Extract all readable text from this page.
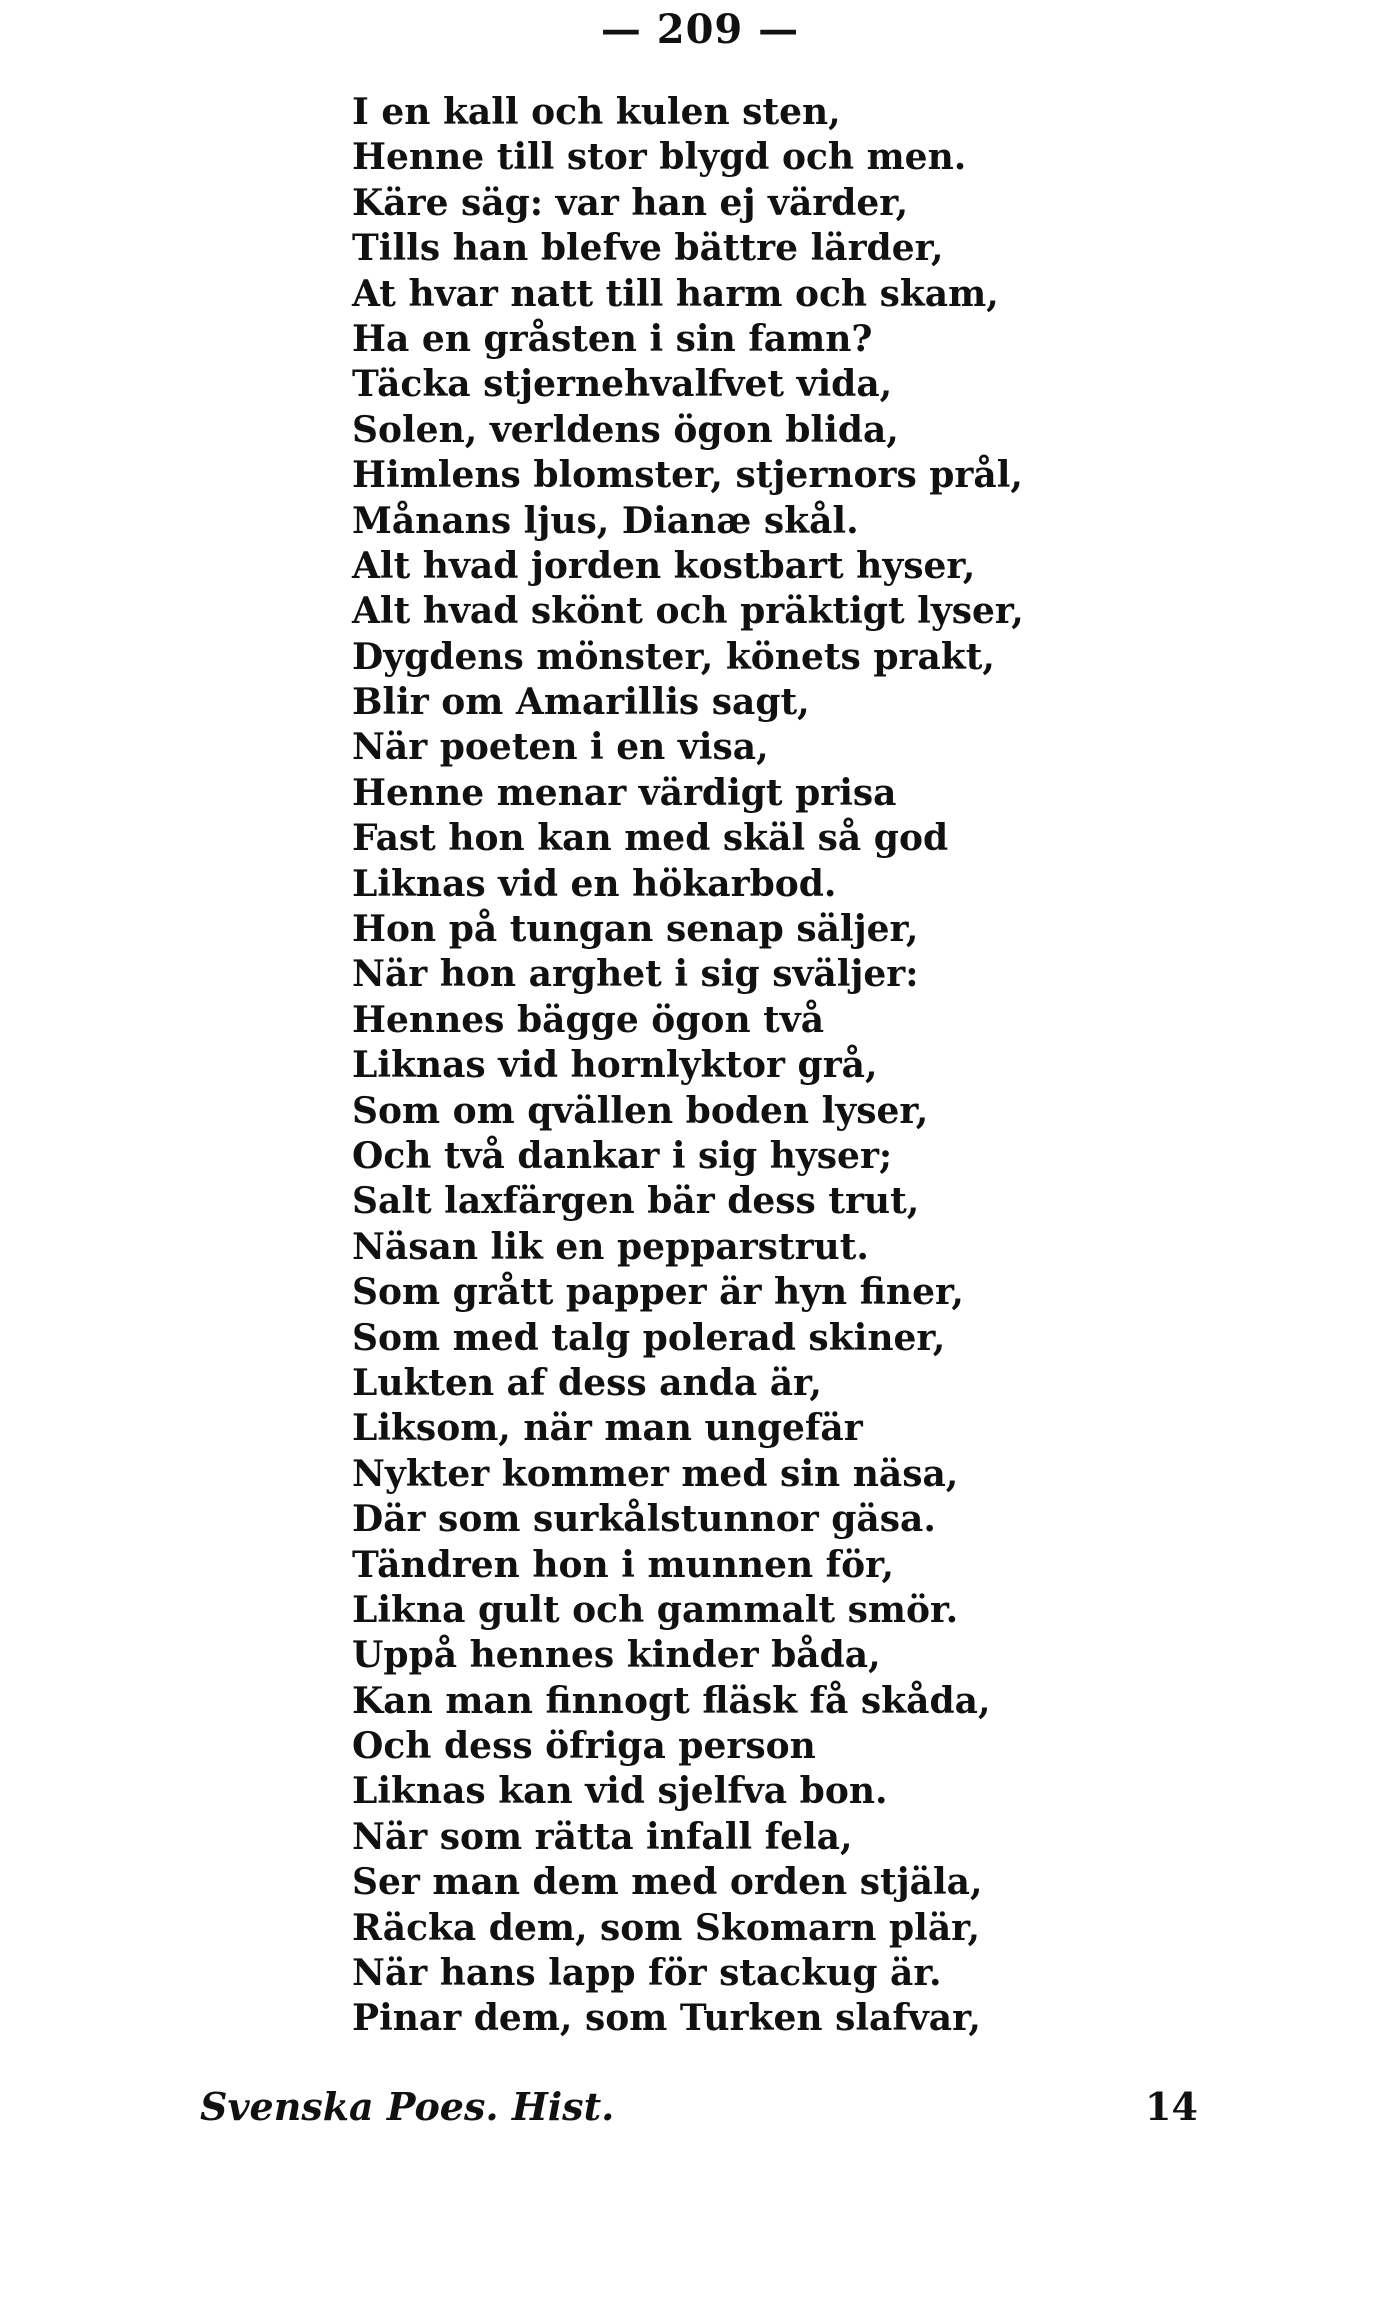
— 209 —
I en kall och kulen sten,
Henne till stor blygd och men.
Käre säg: var han ej värder,
Tills han blefve bättre lärder,
At hvar natt till harm och skam,
Ha en gråsten i sin famn?
Täcka stjernehvalfvet vida,
Solen, verldens ögon blida,
Himlens blomster, stjernors prål,
Månans ljus, Dianæ skål.
Alt hvad jorden kostbart hyser,
Alt hvad skönt och präktigt lyser,
Dygdens mönster, könets prakt,
Blir om Amarillis sagt,
När poeten i en visa,
Henne menar värdigt prisa
Fast hon kan med skäl så god
Liknas vid en hökarbod.
Hon på tungan senap säljer,
När hon arghet i sig sväljer:
Hennes bägge ögon två
Liknas vid hornlyktor grå,
Som om qvällen boden lyser,
Och två dankar i sig hyser;
Salt laxfärgen bär dess trut,
Näsan lik en pepparstrut.
Som grått papper är hyn finer,
Som med talg polerad skiner,
Lukten af dess anda är,
Liksom, när man ungefär
Nykter kommer med sin näsa,
Där som surkålstunnor gäsa.
Tändren hon i munnen för,
Likna gult och gammalt smör.
Uppå hennes kinder båda,
Kan man finnogt fläsk få skåda,
Och dess öfriga person
Liknas kan vid sjelfva bon.
När som rätta infall fela,
Ser man dem med orden stjäla,
Räcka dem, som Skomarn plär,
När hans lapp för stackug är.
Pinar dem, som Turken slafvar,
Svenska Poes. Hist.	14
